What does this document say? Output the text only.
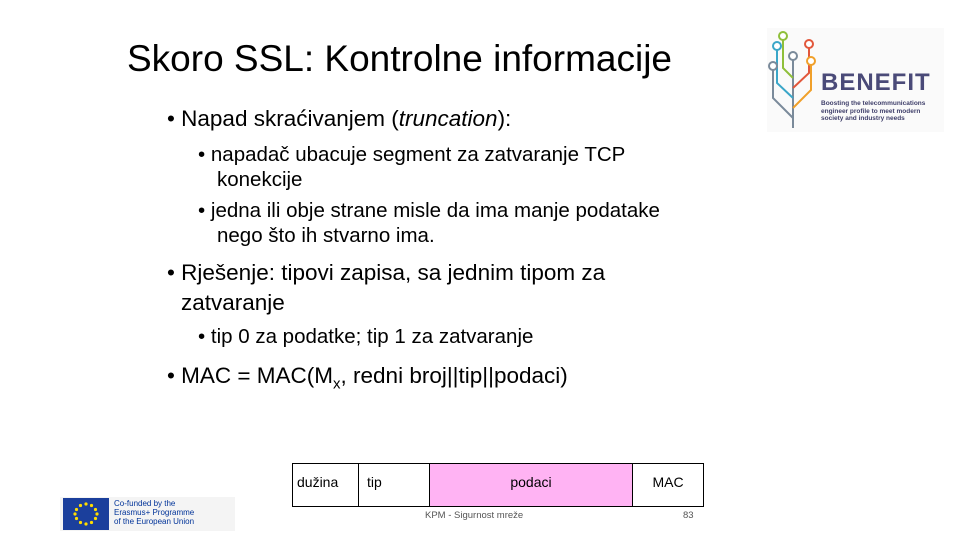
Skoro SSL: Kontrolne informacije
BENEFIT
Boosting the telecommunications engineer profile to meet modern society and industry needs
• Napad skraćivanjem (truncation):
• napadač ubacuje segment za zatvaranje TCP
konekcije
• jedna ili obje strane misle da ima manje podatake
nego što ih stvarno ima.
• Rješenje: tipovi zapisa, sa jednim tipom za
zatvaranje
• tip 0 za podatke; tip 1 za zatvaranje
• MAC = $MAC(M_x$, redni broj||tip||podaci)
dužina	tip	podaci	MAC
KPM - Sigurnost mreže	83
Co-funded by the
Erasmus+ Programme
of the European Union
